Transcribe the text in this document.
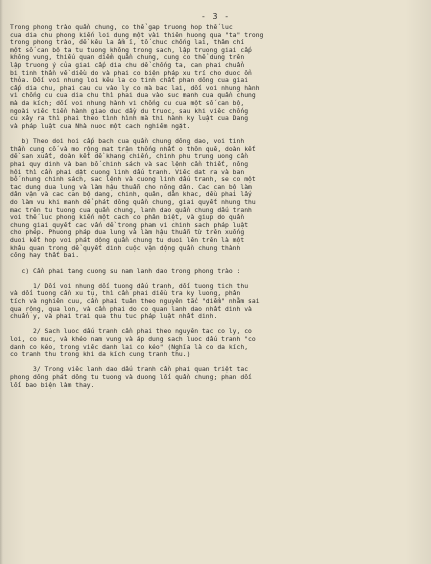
- 3 -
Trong phong trào quần chung, co thể gap truong hop thế luc
cua dia chu phong kiến loi dung một vài thiên huong qua "ta" trong
trong phong trào, đề kêu la ầm ĩ, tố chuc chống lai, thâm chí
một số can bộ ta tu tuong không trong sach, lập truong giai cấp
không vung, thiếu quan diểm quần chung, cung co thể dung trên
lập truong ý của giai cấp dia chu dể chống ta, can phai chuẩn
bi tinh thần về diều do và phai co biện pháp xu trí cho duoc ổn
thỏa. Dối voi nhung loi kêu la co tinh chất phan dông cua giai
cấp dia chu, phai cau cu vào ly co mà bac lai, dối voi nhung hành
vi chống cu cua dia chu thì phai dua vào suc manh cua quần chung
mà da kích; dối voi nhung hành vi chống cu cua một số can bộ,
ngoài viêc tiền hành giao duc dầy du truoc, sau khi viêc chống
cu xây ra thì phai theo tình hình mà thi hành ky luật cua Dang
và pháp luật cua Nhà nuoc một cach nghiêm ngặt.
b) Theo doi hoi cấp bach cua quần chung dông dao, voi tinh
thần cung cố và mo rộng mat trận thống nhất o thôn quê, doàn kết
dề san xuất, doàn kết dề khang chiến, chinh phu trung uong cần
phai quy dinh và ban bố chinh sách và sac lệnh cần thiết, nông
hội thì cần phai dặt cuong linh dấu tranh. Viêc dat ra và ban
bố nhung chinh sách, sac lệnh và cuong linh dấu tranh, se co một
tac dung dua lung và làm hậu thuẫn cho nông dân. Cac can bộ làm
dân vận và cac can bộ dang, chinh, quân, dân khac, dều phai lấy
do làm vu khi manh dể phát dông quần chung, giai quyết nhung thu
mac trên tu tuong cua quần chung, lanh dao quần chung dấu tranh
voi thế luc phong kiến một cach co phân biệt, và giup do quần
chung giai quyết cac vấn dề trong pham vi chinh sach pháp luật
cho phép. Phuong pháp dua lung và làm hậu thuẫn từ trên xuống
duoi kết hop voi phát dộng quần chung tu duoi lên trên là một
khâu quan trong dể quyết dinh cuộc vận dộng quần chung thành
công hay thất bai.
c) Cần phai tang cuong su nam lanh dao trong phong trào :
1/ Dối voi nhung dối tuong dấu tranh, dối tuong tich thu
và dối tuong cần xu tụ, thì cần phai diều tra ky luong, phân
tích và nghiên cuu, cần phai tuân theo nguyên tắc "diểm" nhằm sai
qua rộng, qua lon, và cần phai do co quan lanh dao nhất dinh và
chuẩn y, và phai trai qua thu tuc pháp luật nhất dinh.
2/ Sach luoc dấu tranh cần phai theo nguyên tac co ly, co
loi, co muc, và khéo nam vung và áp dung sach luoc dấu tranh "co
danh co kéo, trong viêc danh lai co kéo" (Nghĩa là co da kích,
co tranh thu trong khi da kích cung tranh thu.)
3/ Trong viêc lanh dao dấu tranh cần phai quan triệt tac
phong dông phát dông tu tuong và duong lối quần chung; phan dối
lối bao biện làm thay.
